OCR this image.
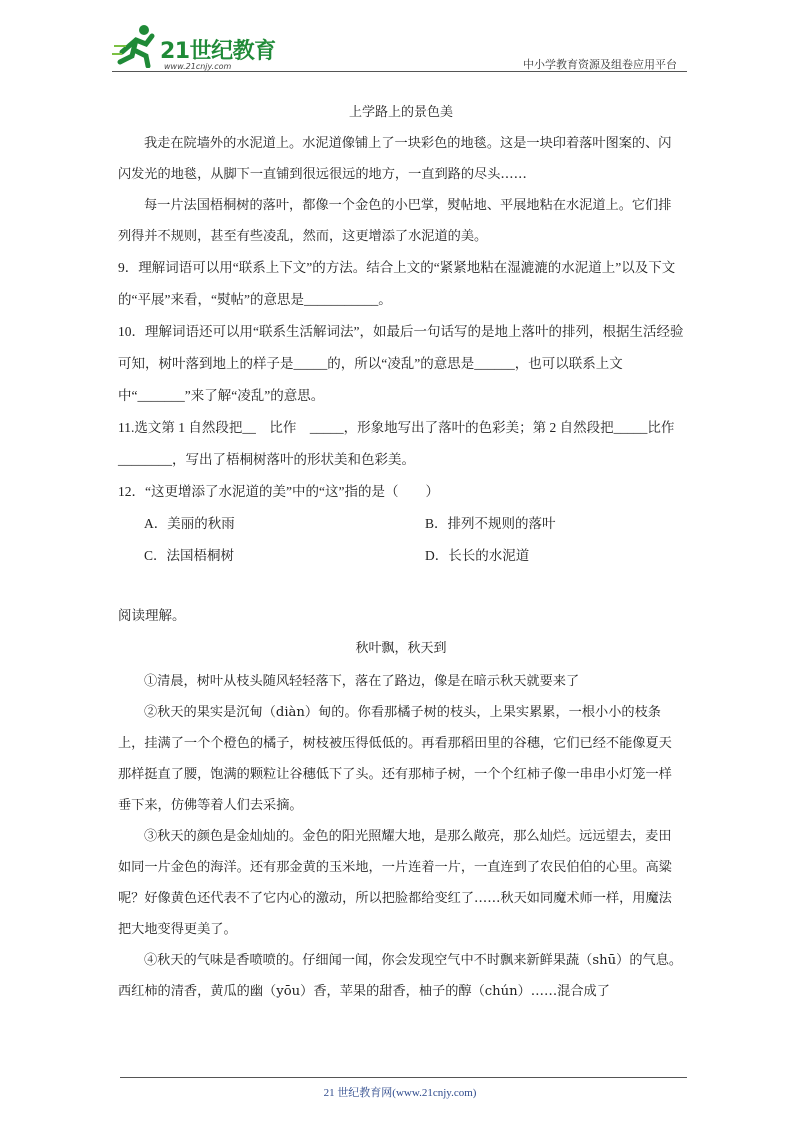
21世纪教育
www.21cnjy.com	中小学教育资源及组卷应用平台

上学路上的景色美

我走在院墙外的水泥道上。水泥道像铺上了一块彩色的地毯。这是一块印着落叶图案的、闪闪发光的地毯，从脚下一直铺到很远很远的地方，一直到路的尽头……

每一片法国梧桐树的落叶，都像一个金色的小巴掌，熨帖地、平展地粘在水泥道上。它们排列得并不规则，甚至有些凌乱，然而，这更增添了水泥道的美。

9．理解词语可以用“联系上下文”的方法。结合上文的“紧紧地粘在湿漉漉的水泥道上”以及下文的“平展”来看，“熨帖”的意思是___________。

10．理解词语还可以用“联系生活解词法”，如最后一句话写的是地上落叶的排列，根据生活经验可知，树叶落到地上的样子是_____的，所以“凌乱”的意思是______，也可以联系上文中“_______”来了解“凌乱”的意思。

11.选文第 1 自然段把__　比作　_____，形象地写出了落叶的色彩美；第 2 自然段把_____比作________，写出了梧桐树落叶的形状美和色彩美。

12．“这更增添了水泥道的美”中的“这”指的是（　　）

A．美丽的秋雨	B．排列不规则的落叶
C．法国梧桐树	D．长长的水泥道
阅读理解。

秋叶飘，秋天到

①清晨，树叶从枝头随风轻轻落下，落在了路边，像是在暗示秋天就要来了

②秋天的果实是沉甸（diàn）甸的。你看那橘子树的枝头，上果实累累，一根小小的枝条上，挂满了一个个橙色的橘子，树枝被压得低低的。再看那稻田里的谷穗，它们已经不能像夏天那样挺直了腰，饱满的颗粒让谷穗低下了头。还有那柿子树，一个个红柿子像一串串小灯笼一样垂下来，仿佛等着人们去采摘。

③秋天的颜色是金灿灿的。金色的阳光照耀大地，是那么敞亮，那么灿烂。远远望去，麦田如同一片金色的海洋。还有那金黄的玉米地，一片连着一片，一直连到了农民伯伯的心里。高粱呢？好像黄色还代表不了它内心的激动，所以把脸都给变红了……秋天如同魔术师一样，用魔法把大地变得更美了。

④秋天的气味是香喷喷的。仔细闻一闻，你会发现空气中不时飘来新鲜果蔬（shū）的气息。西红柿的清香，黄瓜的幽（yōu）香，苹果的甜香，柚子的醇（chún）……混合成了

21 世纪教育网(www.21cnjy.com)
